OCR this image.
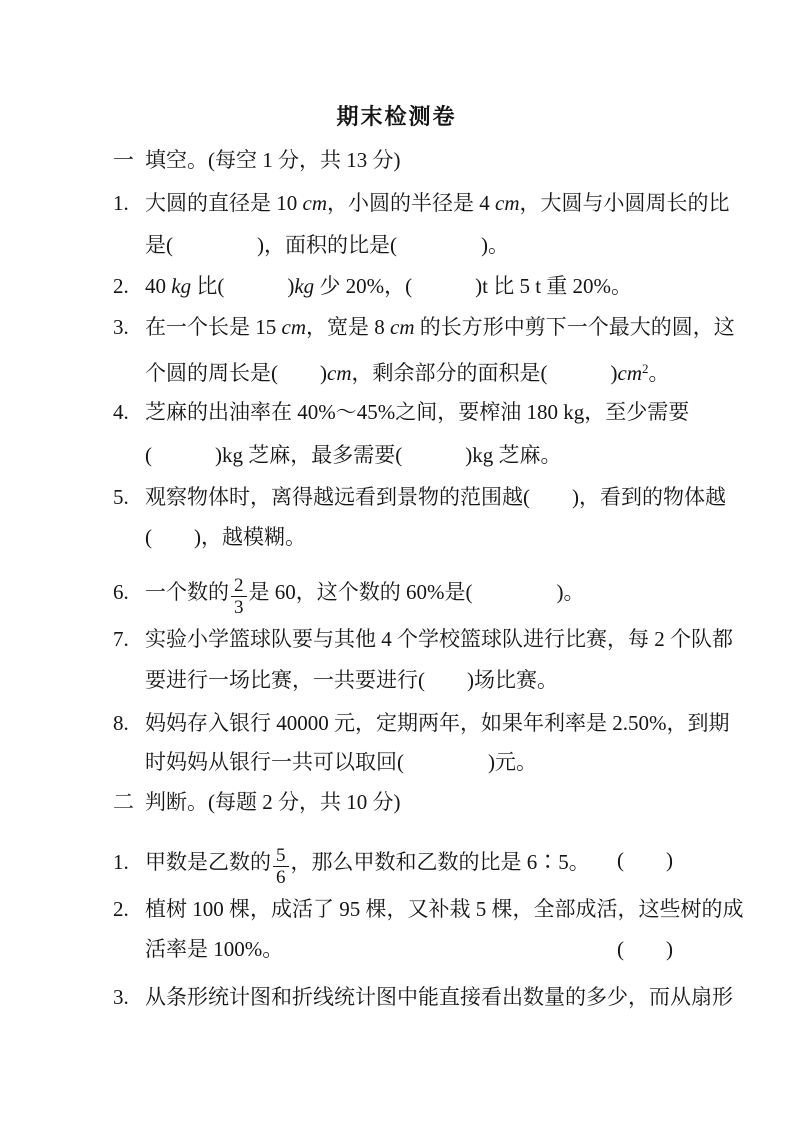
期末检测卷
一 填空。(每空 1 分，共 13 分)
1. 大圆的直径是 10 cm，小圆的半径是 4 cm，大圆与小圆周长的比
是(　　　　)，面积的比是(　　　　)。
2. 40 kg 比(　　　)kg 少 20%，(　　　)t 比 5 t 重 20%。
3. 在一个长是 15 cm，宽是 8 cm 的长方形中剪下一个最大的圆，这
个圆的周长是(　　)cm，剩余部分的面积是(　　　)$cm^2$。
4. 芝麻的出油率在 40%～45%之间，要榨油 180 kg，至少需要
(　　　)kg 芝麻，最多需要(　　　)kg 芝麻。
5. 观察物体时，离得越远看到景物的范围越(　　)，看到的物体越
(　　)，越模糊。
6. 一个数的 $\frac{2}{3}$ 是 60，这个数的 60%是(　　　　)。
7. 实验小学篮球队要与其他 4 个学校篮球队进行比赛，每 2 个队都
要进行一场比赛，一共要进行(　　)场比赛。
8. 妈妈存入银行 40000 元，定期两年，如果年利率是 2.50%，到期
时妈妈从银行一共可以取回(　　　　)元。
二 判断。(每题 2 分，共 10 分)
1. 甲数是乙数的 $\frac{5}{6}$ ，那么甲数和乙数的比是 6∶5。 (　　)
2. 植树 100 棵，成活了 95 棵，又补栽 5 棵，全部成活，这些树的成
活率是 100%。	(　　)
3. 从条形统计图和折线统计图中能直接看出数量的多少，而从扇形
